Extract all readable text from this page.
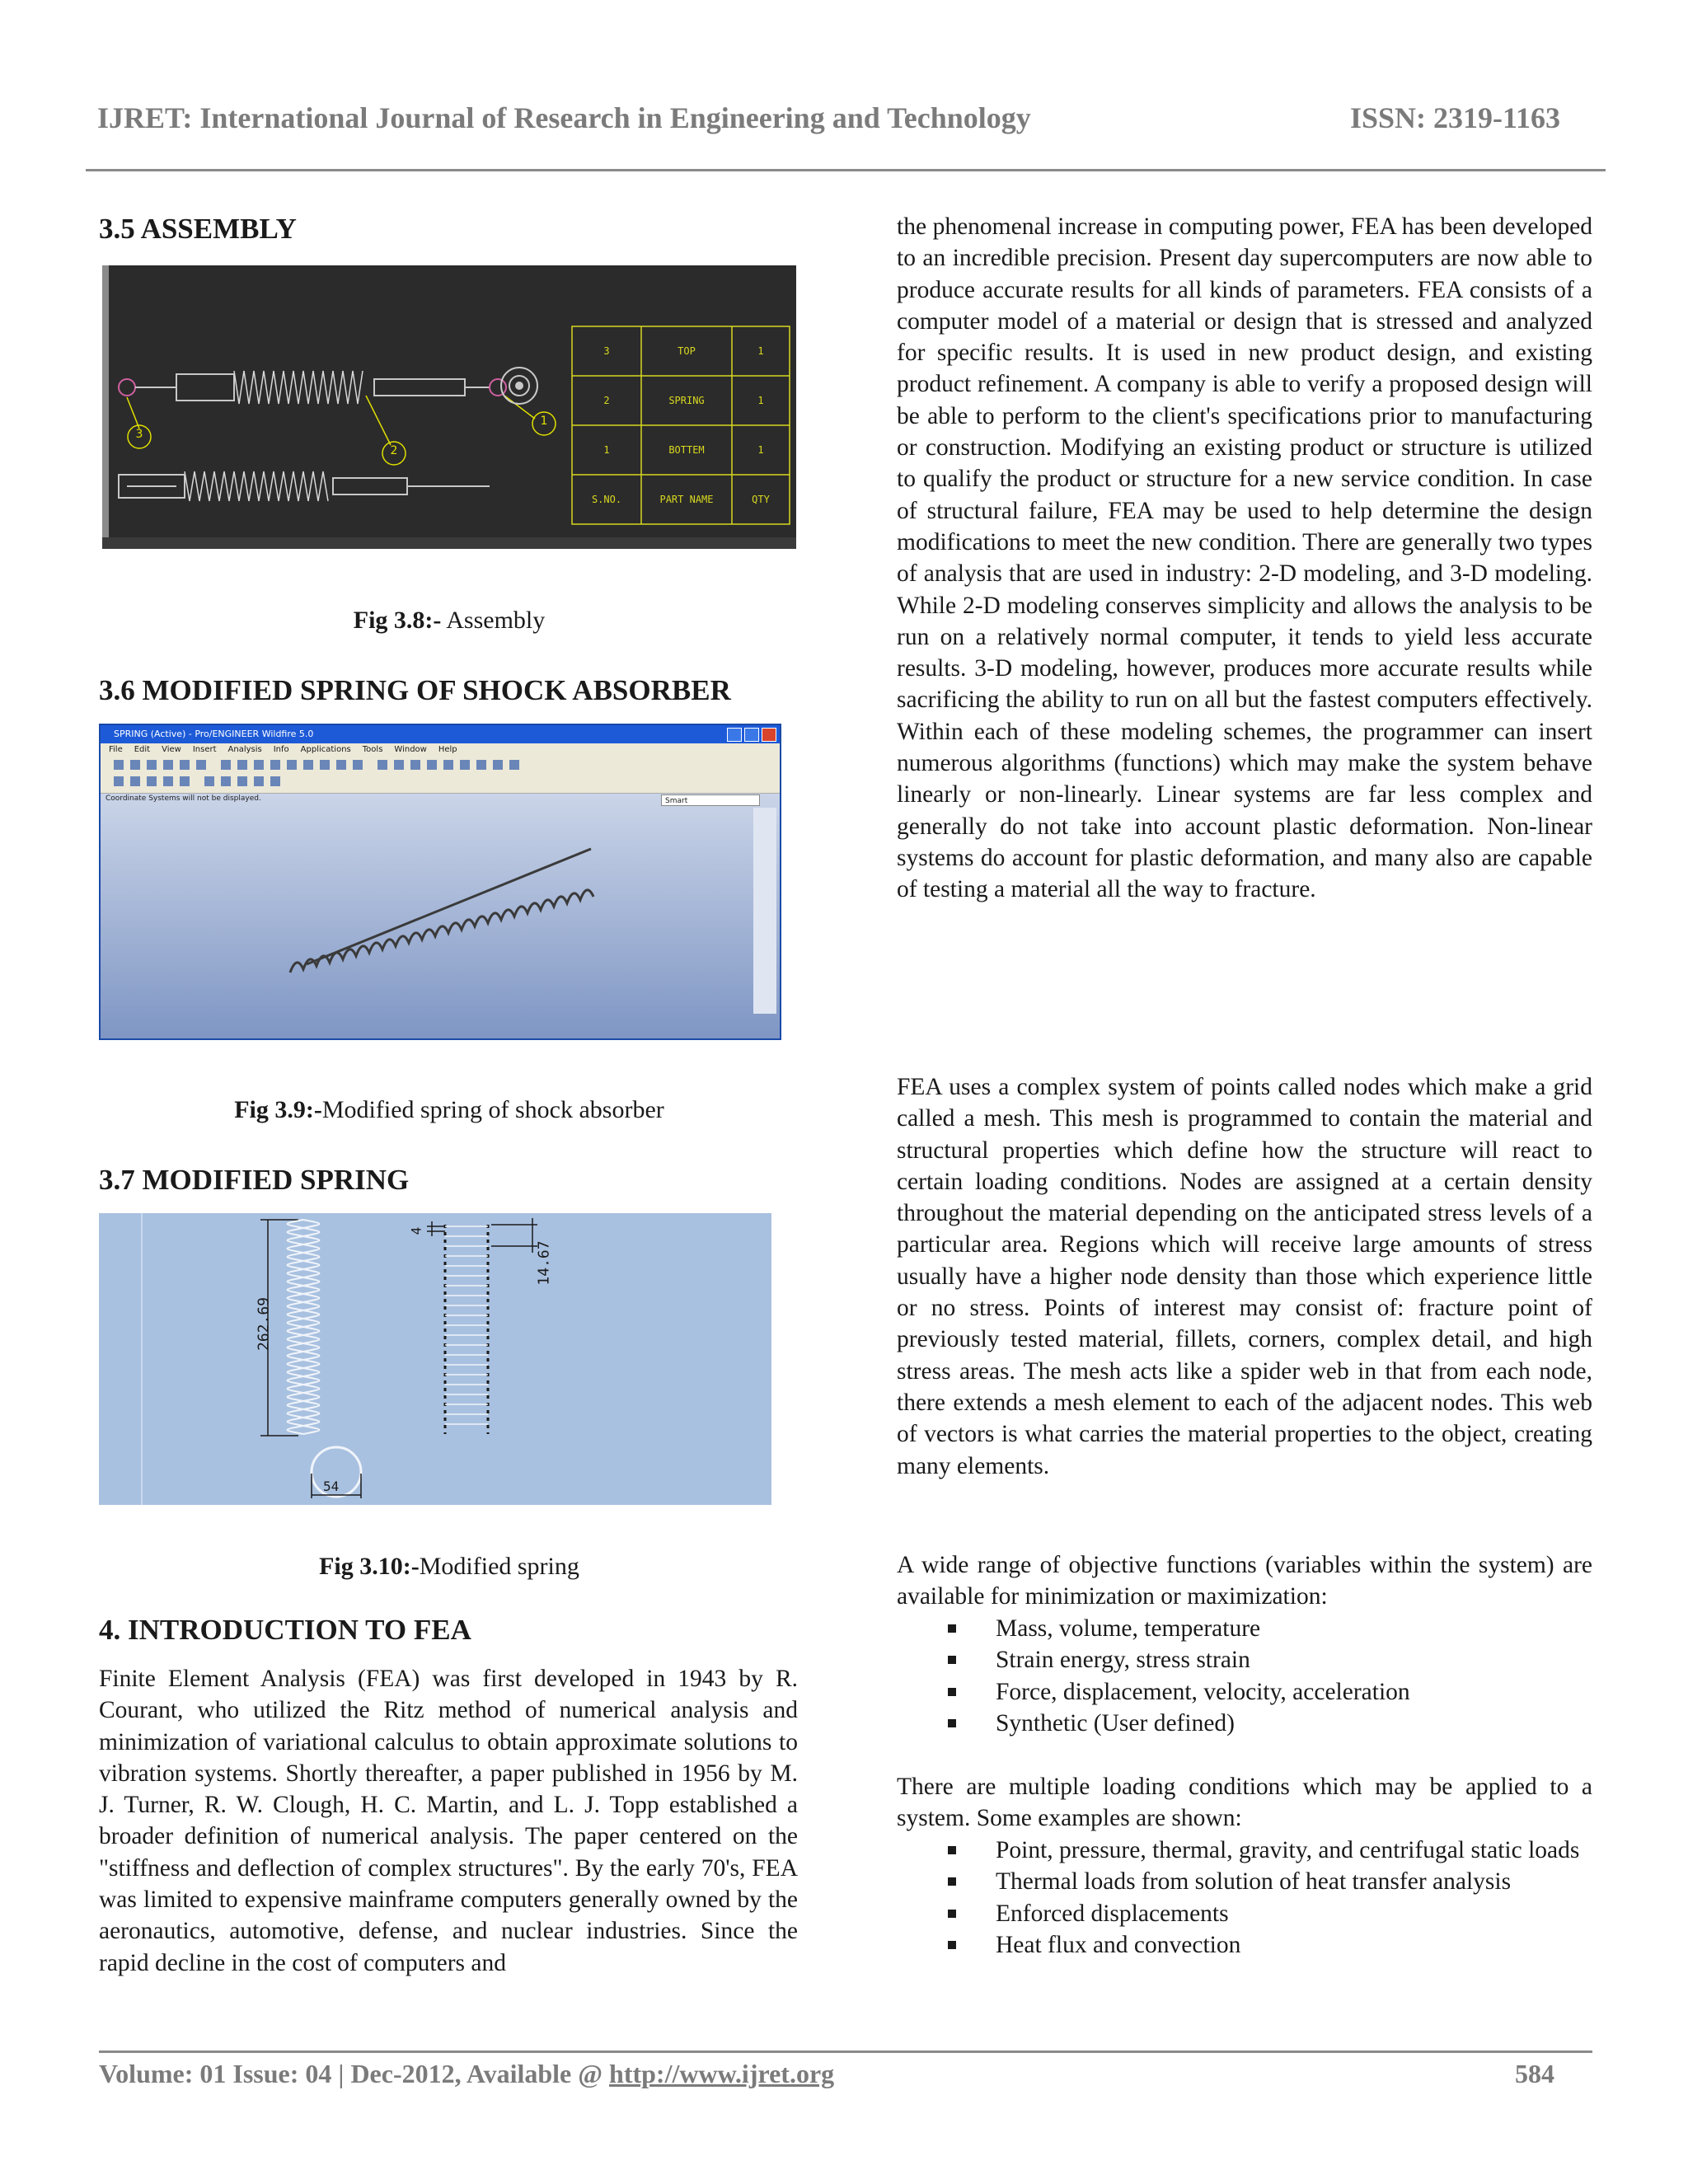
IJRET: International Journal of Research in Engineering and Technology	ISSN: 2319-1163
3.5 ASSEMBLY
3	TOP	1
2	SPRING	1
1	BOTTEM	1
S.NO.	PART NAME	QTY
3
2
1
Fig 3.8:- Assembly
3.6 MODIFIED SPRING OF SHOCK ABSORBER
SPRING (Active) - Pro/ENGINEER Wildfire 5.0
File Edit View Insert Analysis Info Applications Tools Window Help
Coordinate Systems will not be displayed.	Smart
Fig 3.9:-Modified spring of shock absorber
3.7 MODIFIED SPRING
262.69
4
14.67
54
Fig 3.10:-Modified spring
4. INTRODUCTION TO FEA
Finite Element Analysis (FEA) was first developed in 1943 by R. Courant, who utilized the Ritz method of numerical analysis and minimization of variational calculus to obtain approximate solutions to vibration systems. Shortly thereafter, a paper published in 1956 by M. J. Turner, R. W. Clough, H. C. Martin, and L. J. Topp established a broader definition of numerical analysis. The paper centered on the "stiffness and deflection of complex structures". By the early 70's, FEA was limited to expensive mainframe computers generally owned by the aeronautics, automotive, defense, and nuclear industries. Since the rapid decline in the cost of computers and
the phenomenal increase in computing power, FEA has been developed to an incredible precision. Present day supercomputers are now able to produce accurate results for all kinds of parameters. FEA consists of a computer model of a material or design that is stressed and analyzed for specific results. It is used in new product design, and existing product refinement. A company is able to verify a proposed design will be able to perform to the client's specifications prior to manufacturing or construction. Modifying an existing product or structure is utilized to qualify the product or structure for a new service condition. In case of structural failure, FEA may be used to help determine the design modifications to meet the new condition. There are generally two types of analysis that are used in industry: 2-D modeling, and 3-D modeling. While 2-D modeling conserves simplicity and allows the analysis to be run on a relatively normal computer, it tends to yield less accurate results. 3-D modeling, however, produces more accurate results while sacrificing the ability to run on all but the fastest computers effectively. Within each of these modeling schemes, the programmer can insert numerous algorithms (functions) which may make the system behave linearly or non-linearly. Linear systems are far less complex and generally do not take into account plastic deformation. Non-linear systems do account for plastic deformation, and many also are capable of testing a material all the way to fracture.
FEA uses a complex system of points called nodes which make a grid called a mesh. This mesh is programmed to contain the material and structural properties which define how the structure will react to certain loading conditions. Nodes are assigned at a certain density throughout the material depending on the anticipated stress levels of a particular area. Regions which will receive large amounts of stress usually have a higher node density than those which experience little or no stress. Points of interest may consist of: fracture point of previously tested material, fillets, corners, complex detail, and high stress areas. The mesh acts like a spider web in that from each node, there extends a mesh element to each of the adjacent nodes. This web of vectors is what carries the material properties to the object, creating many elements.
A wide range of objective functions (variables within the system) are available for minimization or maximization:
Mass, volume, temperature
Strain energy, stress strain
Force, displacement, velocity, acceleration
Synthetic (User defined)
There are multiple loading conditions which may be applied to a system. Some examples are shown:
Point, pressure, thermal, gravity, and centrifugal static loads
Thermal loads from solution of heat transfer analysis
Enforced displacements
Heat flux and convection
Volume: 01 Issue: 04 | Dec-2012, Available @ http://www.ijret.org	584
